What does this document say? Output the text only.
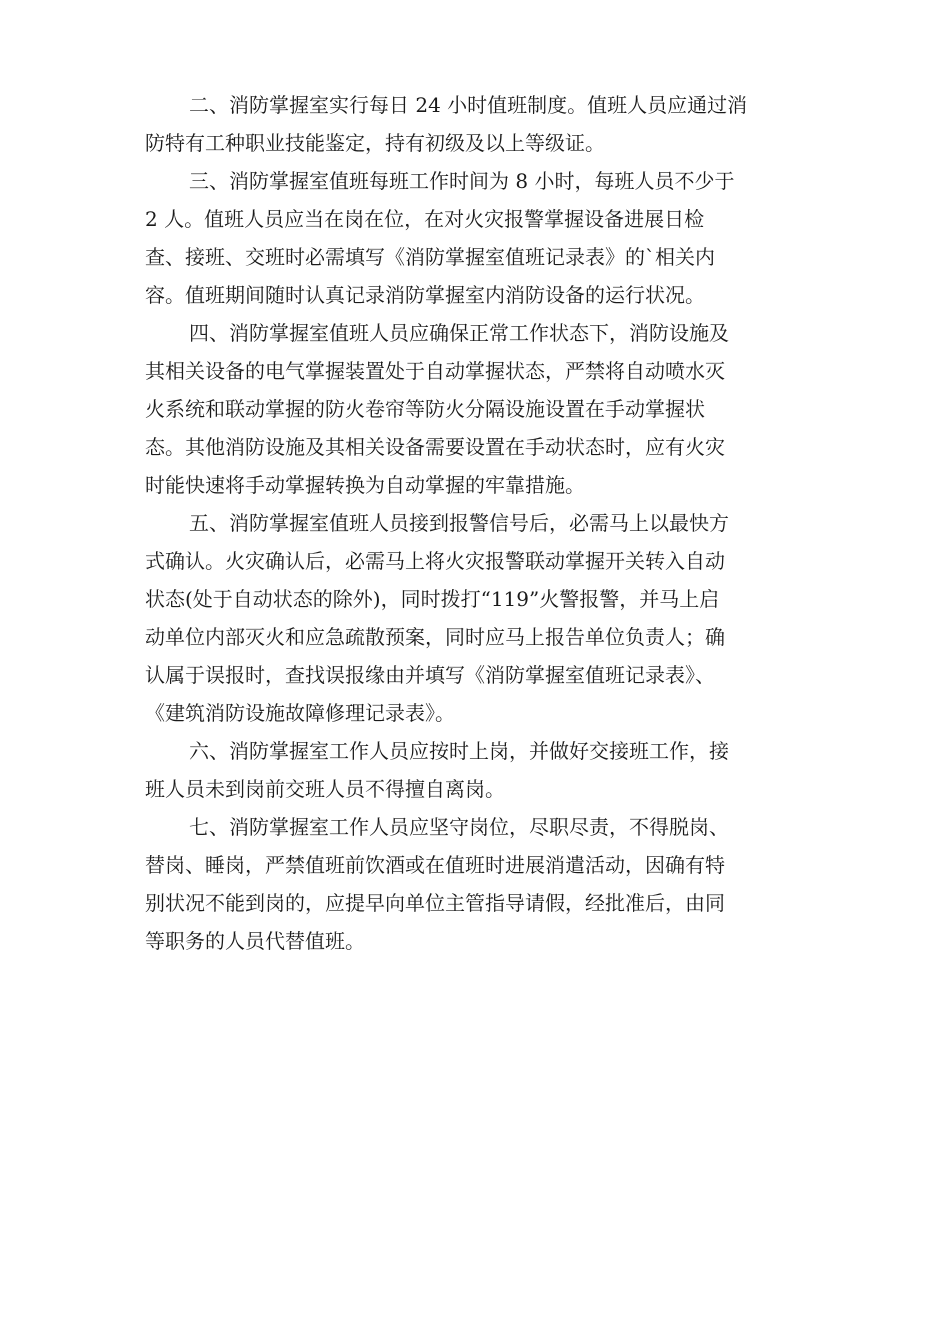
二、消防掌握室实行每日 24 小时值班制度。值班人员应通过消
防特有工种职业技能鉴定，持有初级及以上等级证。
三、消防掌握室值班每班工作时间为 8 小时，每班人员不少于
2 人。值班人员应当在岗在位，在对火灾报警掌握设备进展日检
查、接班、交班时必需填写《消防掌握室值班记录表》的`相关内
容。值班期间随时认真记录消防掌握室内消防设备的运行状况。
四、消防掌握室值班人员应确保正常工作状态下，消防设施及
其相关设备的电气掌握装置处于自动掌握状态，严禁将自动喷水灭
火系统和联动掌握的防火卷帘等防火分隔设施设置在手动掌握状
态。其他消防设施及其相关设备需要设置在手动状态时，应有火灾
时能快速将手动掌握转换为自动掌握的牢靠措施。
五、消防掌握室值班人员接到报警信号后，必需马上以最快方
式确认。火灾确认后，必需马上将火灾报警联动掌握开关转入自动
状态(处于自动状态的除外)，同时拨打“119”火警报警，并马上启
动单位内部灭火和应急疏散预案，同时应马上报告单位负责人；确
认属于误报时，查找误报缘由并填写《消防掌握室值班记录表》、
《建筑消防设施故障修理记录表》。
六、消防掌握室工作人员应按时上岗，并做好交接班工作，接
班人员未到岗前交班人员不得擅自离岗。
七、消防掌握室工作人员应坚守岗位，尽职尽责，不得脱岗、
替岗、睡岗，严禁值班前饮酒或在值班时进展消遣活动，因确有特
别状况不能到岗的，应提早向单位主管指导请假，经批准后，由同
等职务的人员代替值班。
